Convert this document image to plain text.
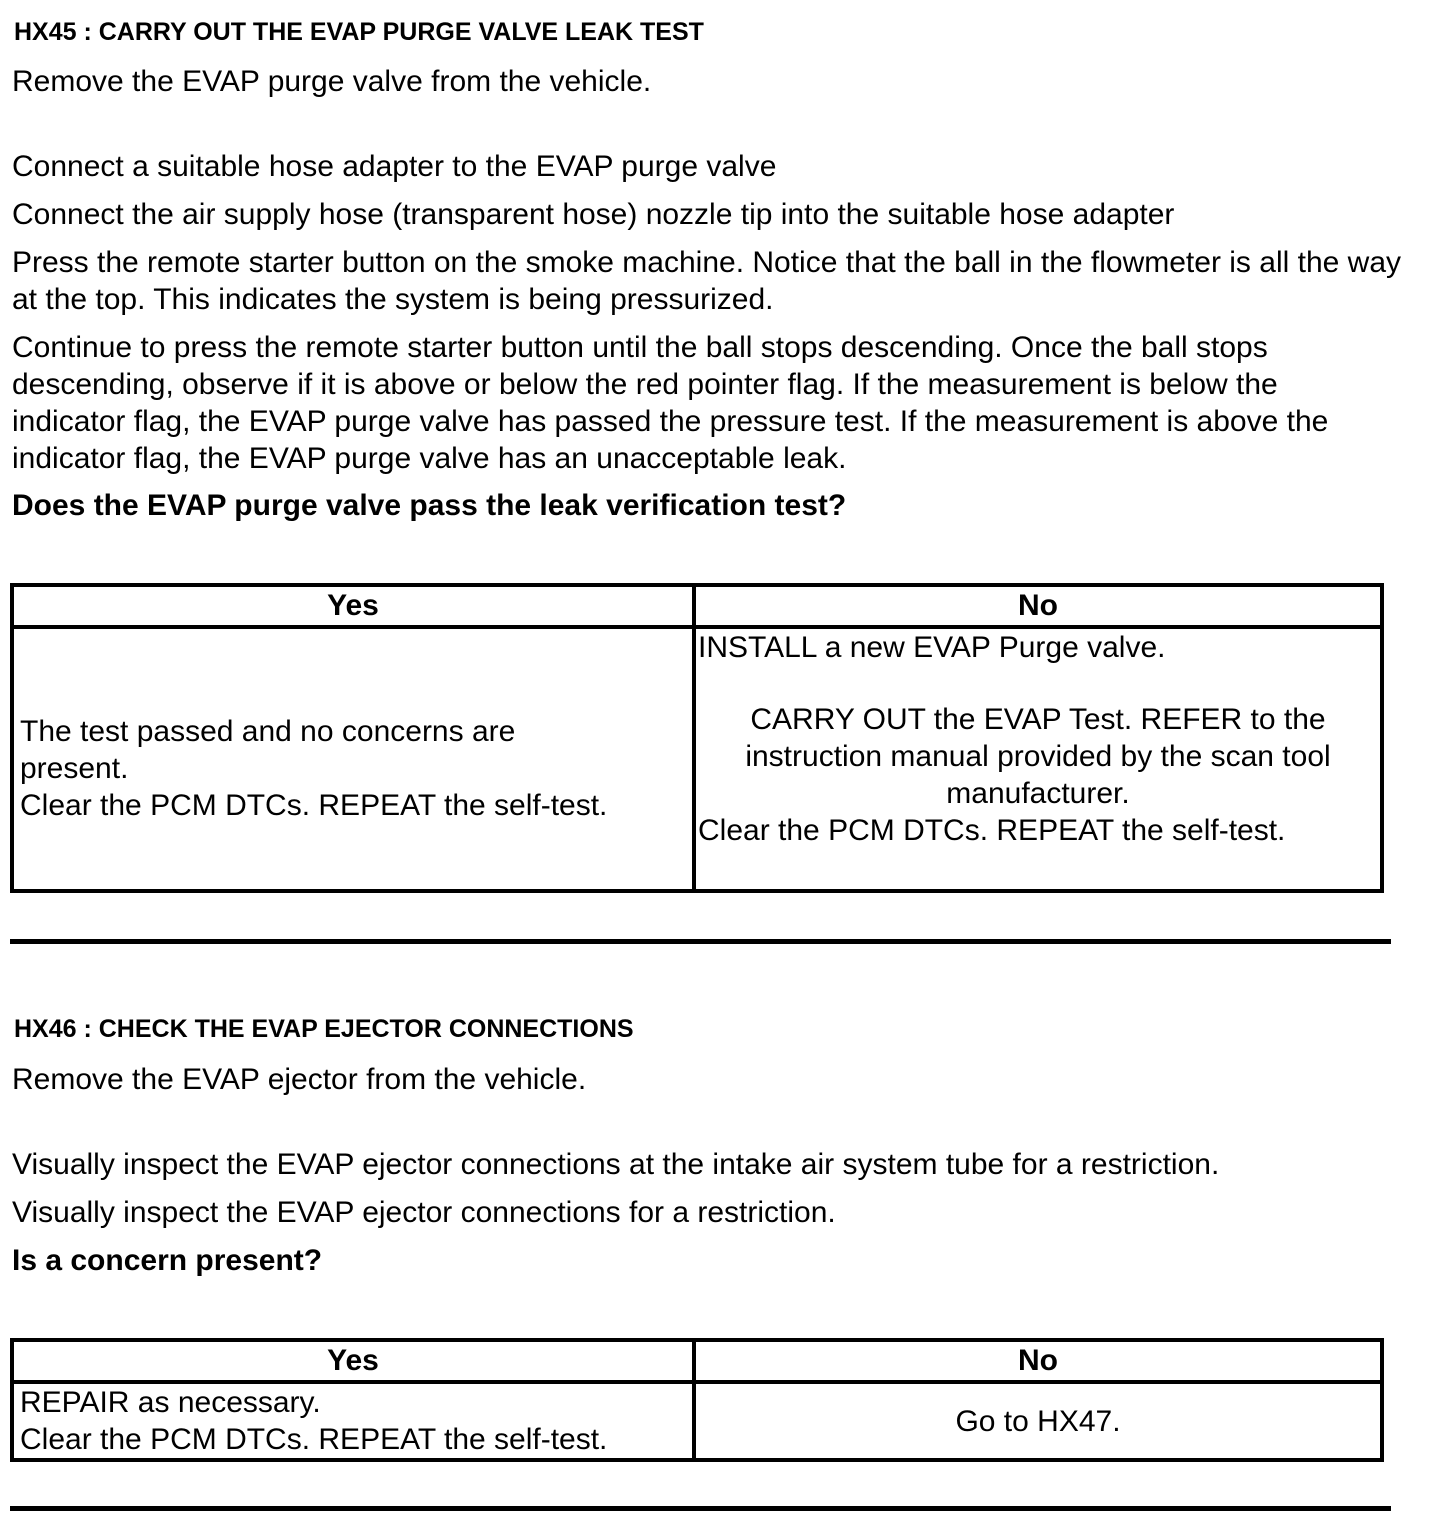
HX45 : CARRY OUT THE EVAP PURGE VALVE LEAK TEST
Remove the EVAP purge valve from the vehicle.
Connect a suitable hose adapter to the EVAP purge valve
Connect the air supply hose (transparent hose) nozzle tip into the suitable hose adapter
Press the remote starter button on the smoke machine. Notice that the ball in the flowmeter is all the way at the top. This indicates the system is being pressurized.
Continue to press the remote starter button until the ball stops descending. Once the ball stops descending, observe if it is above or below the red pointer flag. If the measurement is below the indicator flag, the EVAP purge valve has passed the pressure test. If the measurement is above the indicator flag, the EVAP purge valve has an unacceptable leak.
Does the EVAP purge valve pass the leak verification test?
Yes	No

The test passed and no concerns are
present.
Clear the PCM DTCs. REPEAT the self-test.	INSTALL a new EVAP Purge valve.
CARRY OUT the EVAP Test. REFER to the
instruction manual provided by the scan tool
manufacturer.
Clear the PCM DTCs. REPEAT the self-test.
HX46 : CHECK THE EVAP EJECTOR CONNECTIONS
Remove the EVAP ejector from the vehicle.
Visually inspect the EVAP ejector connections at the intake air system tube for a restriction.
Visually inspect the EVAP ejector connections for a restriction.
Is a concern present?
Yes	No

REPAIR as necessary.
Clear the PCM DTCs. REPEAT the self-test.	Go to HX47.
